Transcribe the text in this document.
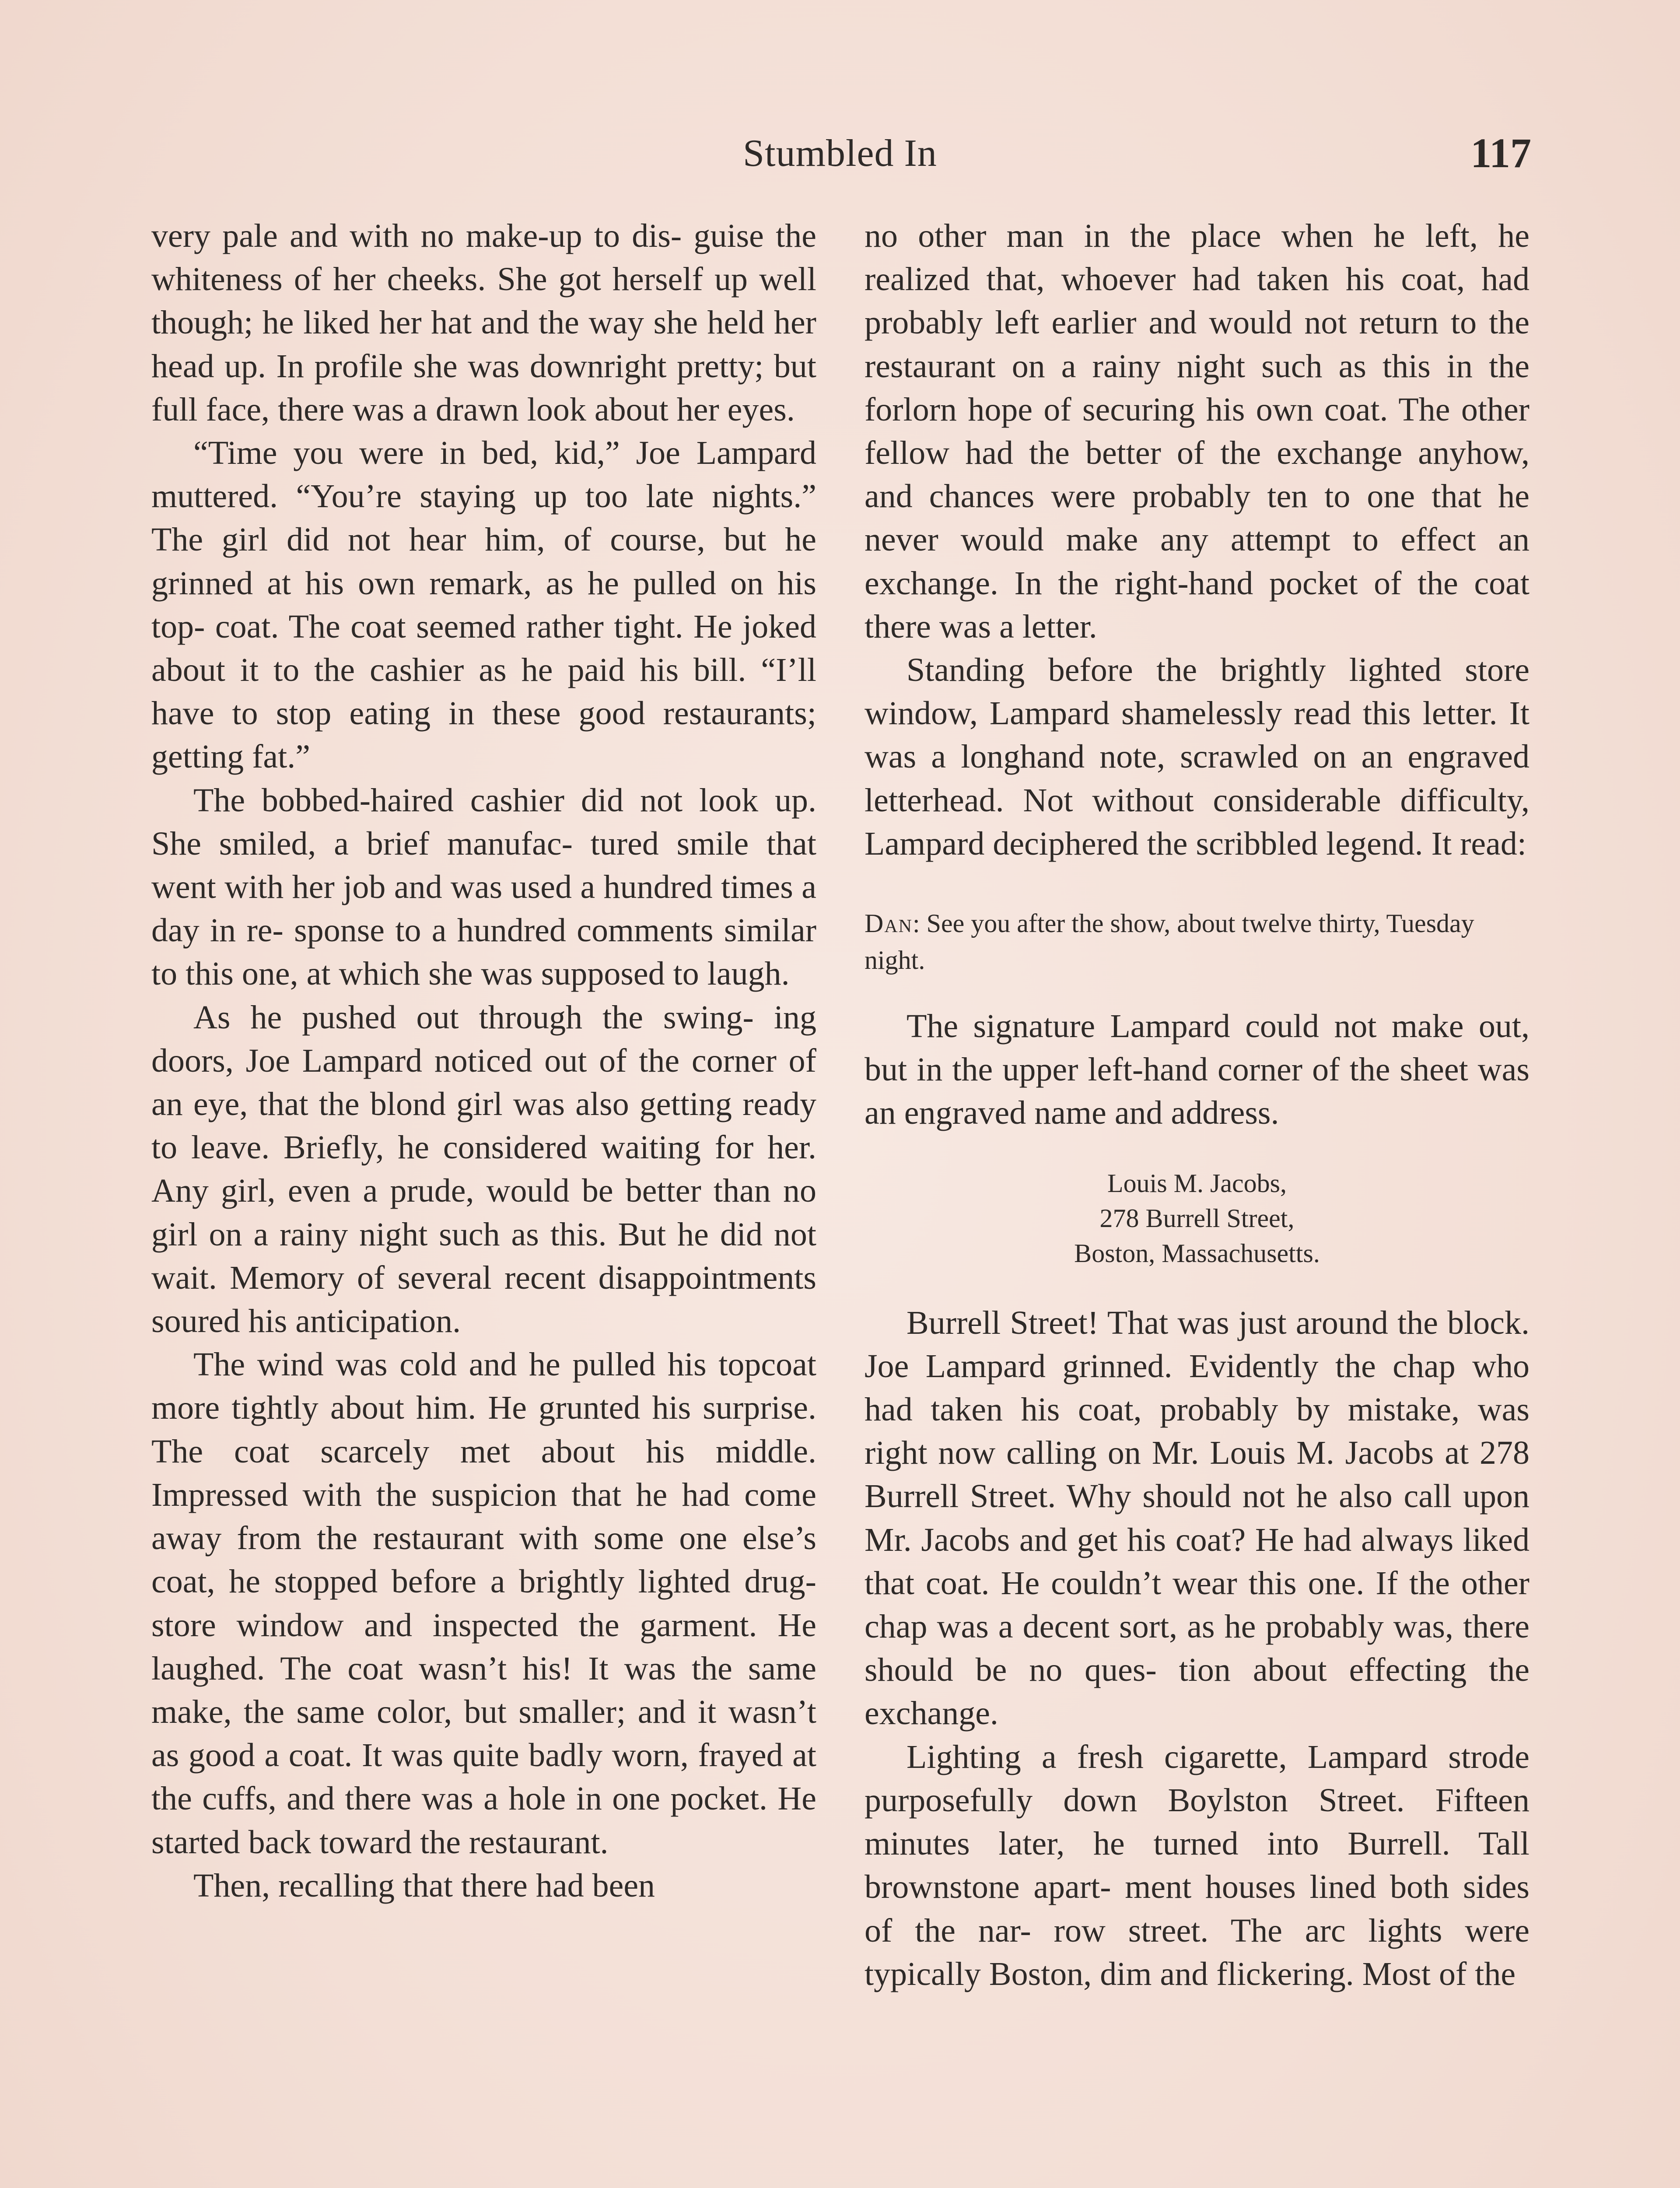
Stumbled In	117

very pale and with no make-up to dis- guise the whiteness of her cheeks. She got herself up well though; he liked her hat and the way she held her head up. In profile she was downright pretty; but full face, there was a drawn look about her eyes.

“Time you were in bed, kid,” Joe Lampard muttered. “You’re staying up too late nights.” The girl did not hear him, of course, but he grinned at his own remark, as he pulled on his top- coat. The coat seemed rather tight. He joked about it to the cashier as he paid his bill. “I’ll have to stop eating in these good restaurants; getting fat.”

The bobbed-haired cashier did not look up. She smiled, a brief manufac- tured smile that went with her job and was used a hundred times a day in re- sponse to a hundred comments similar to this one, at which she was supposed to laugh.

As he pushed out through the swing- ing doors, Joe Lampard noticed out of the corner of an eye, that the blond girl was also getting ready to leave. Briefly, he considered waiting for her. Any girl, even a prude, would be better than no girl on a rainy night such as this. But he did not wait. Memory of several recent disappointments soured his anticipation.

The wind was cold and he pulled his topcoat more tightly about him. He grunted his surprise. The coat scarcely met about his middle. Impressed with the suspicion that he had come away from the restaurant with some one else’s coat, he stopped before a brightly lighted drug-store window and inspected the garment. He laughed. The coat wasn’t his! It was the same make, the same color, but smaller; and it wasn’t as good a coat. It was quite badly worn, frayed at the cuffs, and there was a hole in one pocket. He started back toward the restaurant.

Then, recalling that there had been

no other man in the place when he left, he realized that, whoever had taken his coat, had probably left earlier and would not return to the restaurant on a rainy night such as this in the forlorn hope of securing his own coat. The other fellow had the better of the exchange anyhow, and chances were probably ten to one that he never would make any attempt to effect an exchange. In the right-hand pocket of the coat there was a letter.

Standing before the brightly lighted store window, Lampard shamelessly read this letter. It was a longhand note, scrawled on an engraved letterhead. Not without considerable difficulty, Lampard deciphered the scribbled legend. It read:

Dan: See you after the show, about twelve thirty, Tuesday night.

The signature Lampard could not make out, but in the upper left-hand corner of the sheet was an engraved name and address.

Louis M. Jacobs,
278 Burrell Street,
Boston, Massachusetts.

Burrell Street! That was just around the block. Joe Lampard grinned. Evidently the chap who had taken his coat, probably by mistake, was right now calling on Mr. Louis M. Jacobs at 278 Burrell Street. Why should not he also call upon Mr. Jacobs and get his coat? He had always liked that coat. He couldn’t wear this one. If the other chap was a decent sort, as he probably was, there should be no ques- tion about effecting the exchange.

Lighting a fresh cigarette, Lampard strode purposefully down Boylston Street. Fifteen minutes later, he turned into Burrell. Tall brownstone apart- ment houses lined both sides of the nar- row street. The arc lights were typically Boston, dim and flickering. Most of the
